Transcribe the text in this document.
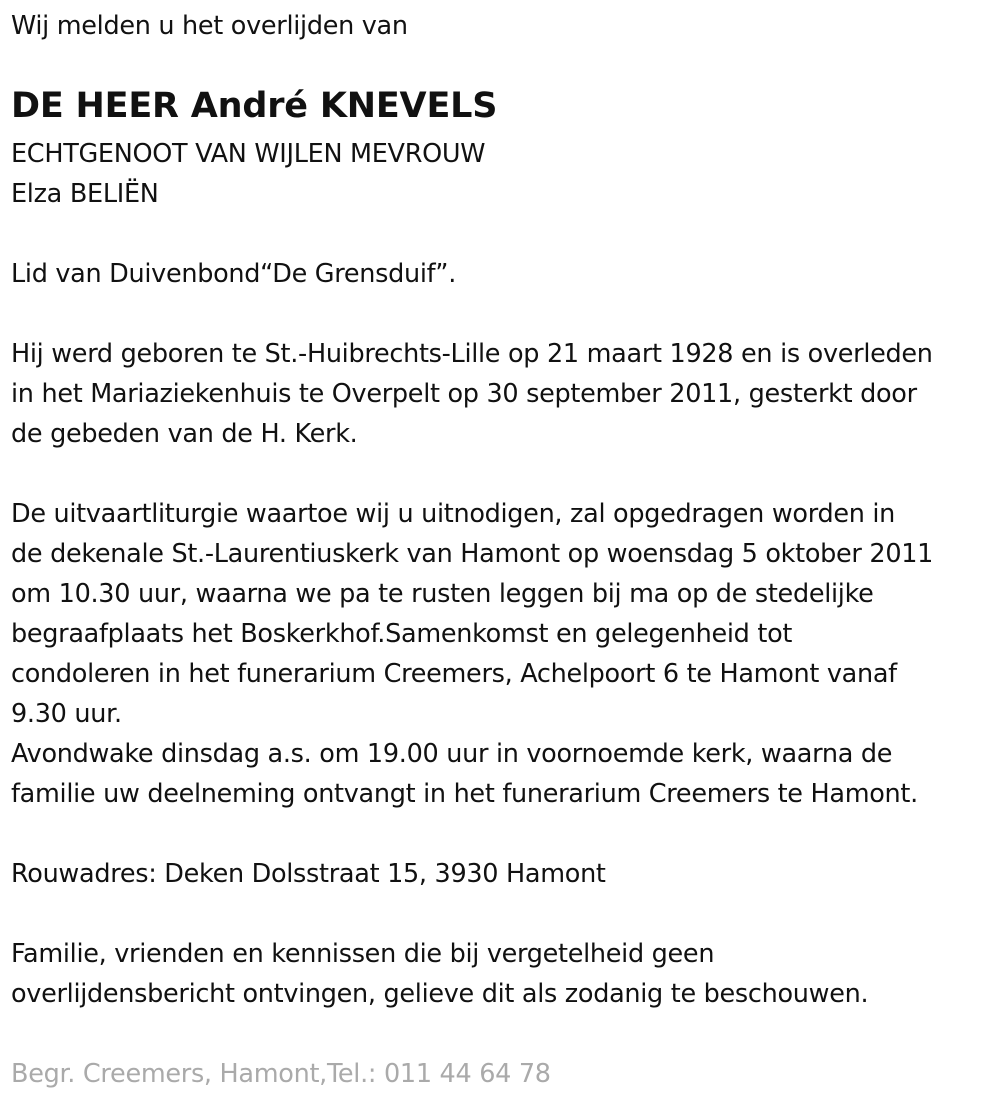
Wij melden u het overlijden van
DE HEER André KNEVELS
ECHTGENOOT VAN WIJLEN MEVROUW
Elza BELIËN
Lid van Duivenbond“De Grensduif”.
Hij werd geboren te St.-Huibrechts-Lille op 21 maart 1928 en is overleden
in het Mariaziekenhuis te Overpelt op 30 september 2011, gesterkt door
de gebeden van de H. Kerk.
De uitvaartliturgie waartoe wij u uitnodigen, zal opgedragen worden in
de dekenale St.-Laurentiuskerk van Hamont op woensdag 5 oktober 2011
om 10.30 uur, waarna we pa te rusten leggen bij ma op de stedelijke
begraafplaats het Boskerkhof.Samenkomst en gelegenheid tot
condoleren in het funerarium Creemers, Achelpoort 6 te Hamont vanaf
9.30 uur.
Avondwake dinsdag a.s. om 19.00 uur in voornoemde kerk, waarna de
familie uw deelneming ontvangt in het funerarium Creemers te Hamont.
Rouwadres: Deken Dolsstraat 15, 3930 Hamont
Familie, vrienden en kennissen die bij vergetelheid geen
overlijdensbericht ontvingen, gelieve dit als zodanig te beschouwen.
Begr. Creemers, Hamont,Tel.: 011 44 64 78
